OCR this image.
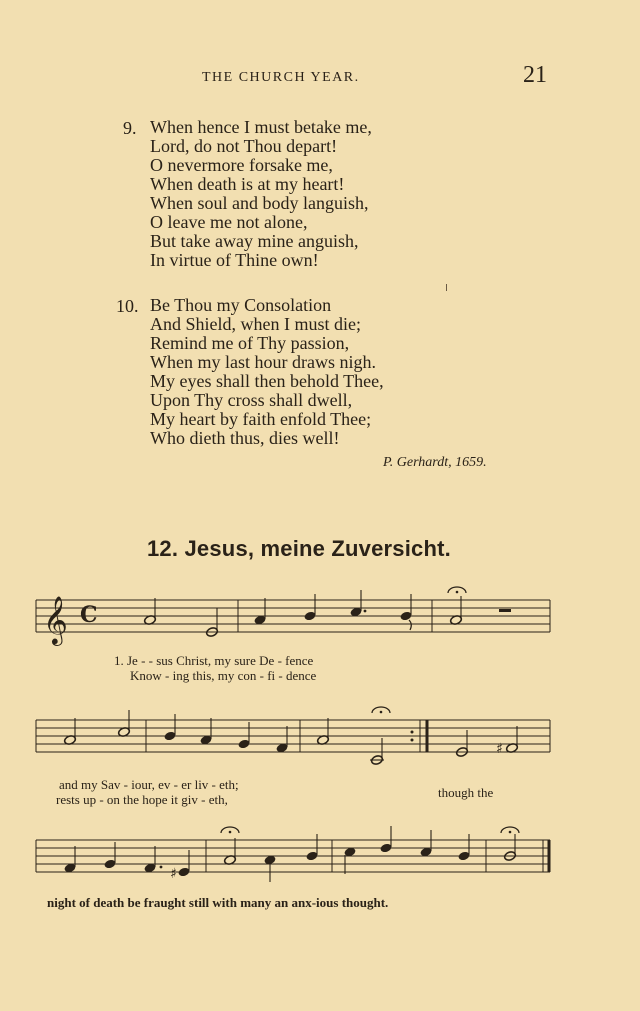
THE CHURCH YEAR.	21
9. When hence I must betake me,
Lord, do not Thou depart!
O nevermore forsake me,
When death is at my heart!
When soul and body languish,
O leave me not alone,
But take away mine anguish,
In virtue of Thine own!
10. Be Thou my Consolation
And Shield, when I must die;
Remind me of Thy passion,
When my last hour draws nigh.
My eyes shall then behold Thee,
Upon Thy cross shall dwell,
My heart by faith enfold Thee;
Who dieth thus, dies well!
P. Gerhardt, 1659.
12. Jesus, meine Zuversicht.
𝄞 C
1. Je - - sus Christ, my sure De - fence
Know - ing this, my con - fi - dence
♯
and my Sav - iour, ev - er liv - eth;
rests up - on the hope it giv - eth,	though the
♯
night of death be fraught still with many an anx-ious thought.
